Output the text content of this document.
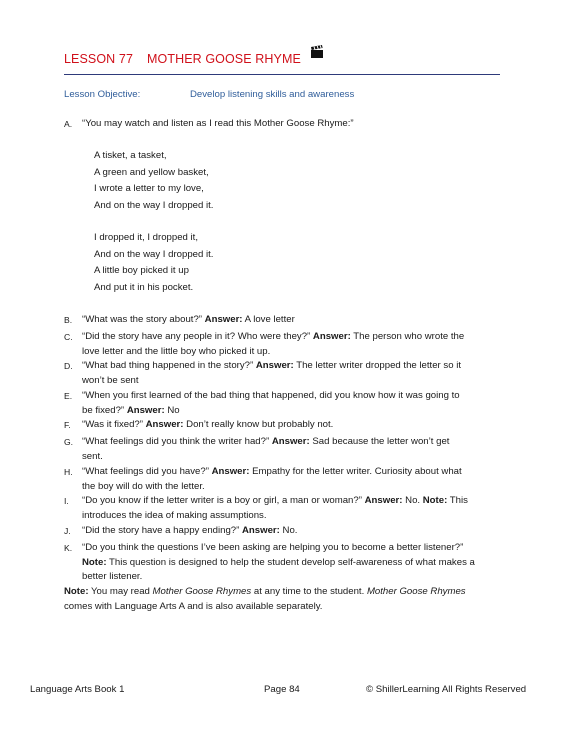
LESSON 77 MOTHER GOOSE RHYME
Lesson Objective:	Develop listening skills and awareness
A.	“You may watch and listen as I read this Mother Goose Rhyme:”
A tisket, a tasket,
A green and yellow basket,
I wrote a letter to my love,
And on the way I dropped it.
I dropped it, I dropped it,
And on the way I dropped it.
A little boy picked it up
And put it in his pocket.
B.	“What was the story about?” Answer: A love letter
C. “Did the story have any people in it? Who were they?” Answer: The person who wrote the
love letter and the little boy who picked it up.
D. “What bad thing happened in the story?” Answer: The letter writer dropped the letter so it
won’t be sent
E.	“When you first learned of the bad thing that happened, did you know how it was going to
be fixed?” Answer: No
F.	“Was it fixed?” Answer: Don’t really know but probably not.
G. “What feelings did you think the writer had?” Answer: Sad because the letter won’t get
sent.
H. “What feelings did you have?” Answer: Empathy for the letter writer. Curiosity about what
the boy will do with the letter.
I.	“Do you know if the letter writer is a boy or girl, a man or woman?” Answer: No. Note: This
introduces the idea of making assumptions.
J.	“Did the story have a happy ending?” Answer: No.
K.	“Do you think the questions I’ve been asking are helping you to become a better listener?”
Note: This question is designed to help the student develop self-awareness of what makes a
better listener.
Note: You may read Mother Goose Rhymes at any time to the student. Mother Goose Rhymes
comes with Language Arts A and is also available separately.
Language Arts Book 1	Page 84	© ShillerLearning All Rights Reserved
